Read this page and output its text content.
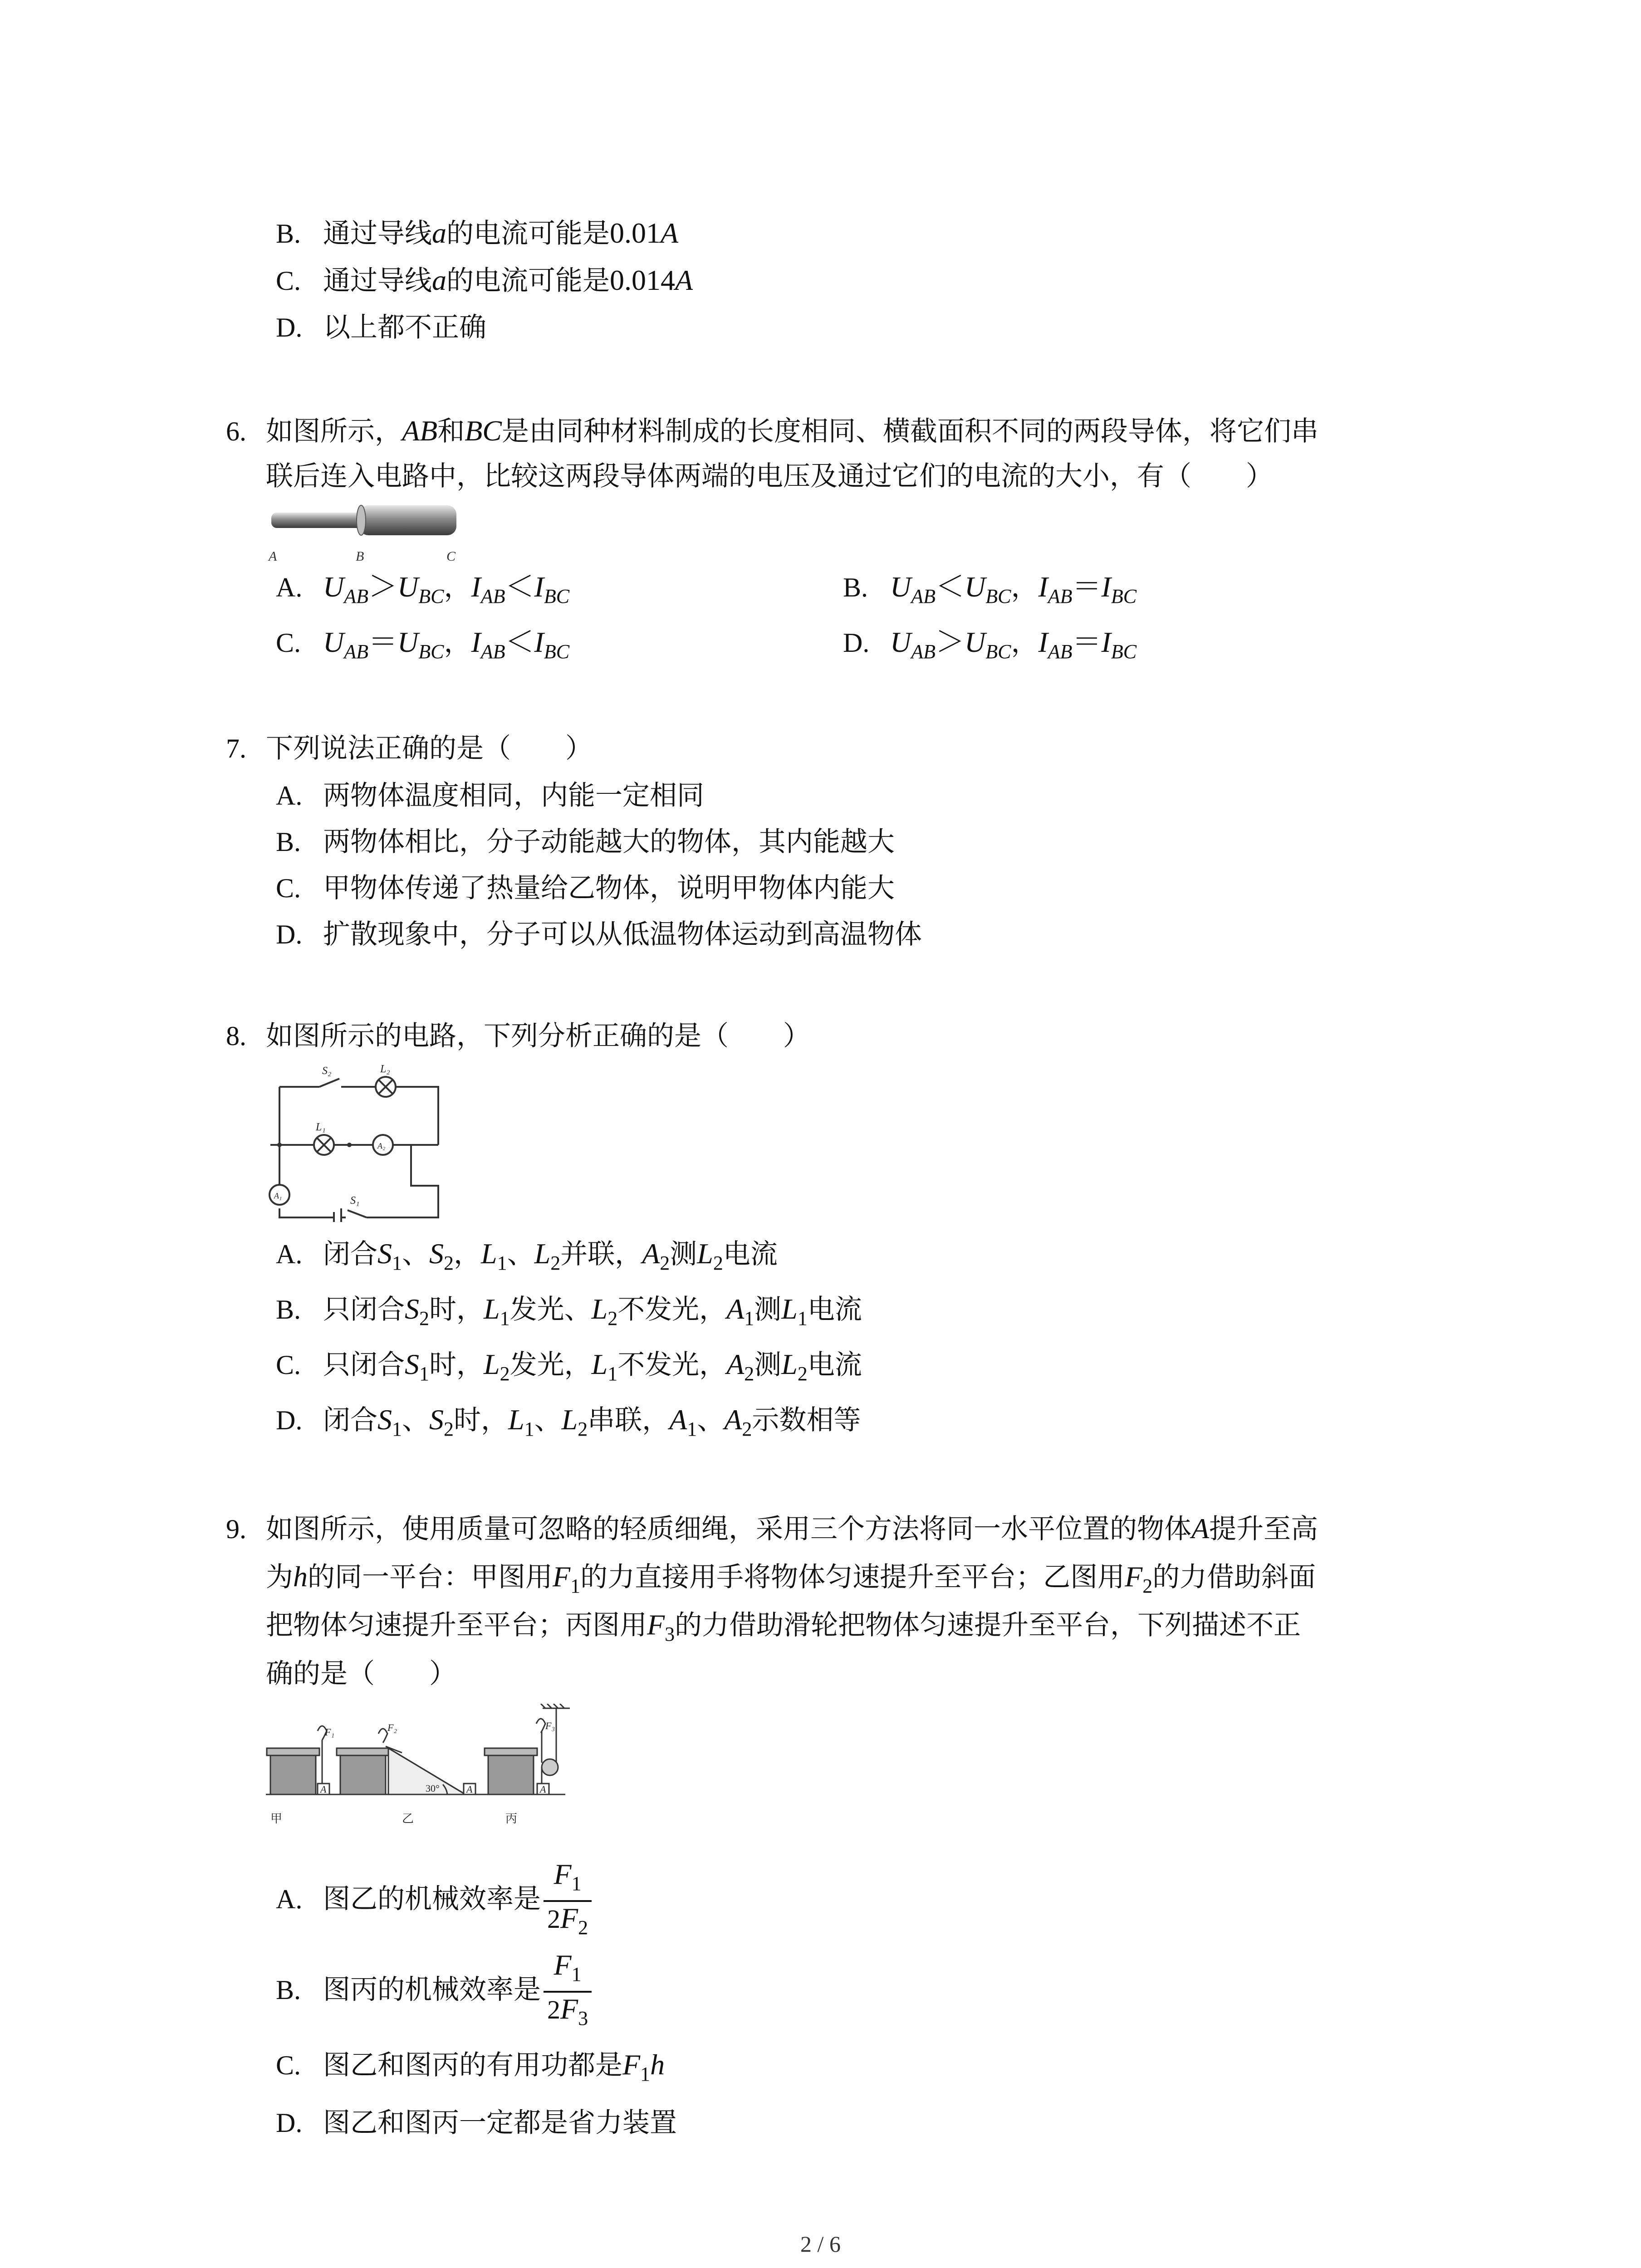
B. 通过导线a的电流可能是0.01A
C. 通过导线a的电流可能是0.014A
D. 以上都不正确
6. 如图所示，AB和BC是由同种材料制成的长度相同、横截面积不同的两段导体，将它们串
联后连入电路中，比较这两段导体两端的电压及通过它们的电流的大小，有（　　）
A	B	C
A. $U_{AB}>U_{BC}$，$I_{AB}<I_{BC}$	B. $U_{AB}<U_{BC}$，$I_{AB}=I_{BC}$
C. $U_{AB}=U_{BC}$，$I_{AB}<I_{BC}$	D. $U_{AB}>U_{BC}$，$I_{AB}=I_{BC}$
7. 下列说法正确的是（　　）
A. 两物体温度相同，内能一定相同
B. 两物体相比，分子动能越大的物体，其内能越大
C. 甲物体传递了热量给乙物体，说明甲物体内能大
D. 扩散现象中，分子可以从低温物体运动到高温物体
8. 如图所示的电路，下列分析正确的是（　　）
S₂	L₂
L₁
A₂
A₁	S₁
A. 闭合$S_1$、$S_2$，$L_1$、$L_2$并联，$A_2$测$L_2$电流
B. 只闭合$S_2$时，$L_1$发光、$L_2$不发光，$A_1$测$L_1$电流
C. 只闭合$S_1$时，$L_2$发光，$L_1$不发光，$A_2$测$L_2$电流
D. 闭合$S_1$、$S_2$时，$L_1$、$L_2$串联，$A_1$、$A_2$示数相等
9. 如图所示，使用质量可忽略的轻质细绳，采用三个方法将同一水平位置的物体A提升至高
为h的同一平台：甲图用$F_1$的力直接用手将物体匀速提升至平台；乙图用$F_2$的力借助斜面
把物体匀速提升至平台；丙图用$F_3$的力借助滑轮把物体匀速提升至平台，下列描述不正
确的是（　　）
A	A	A
F₁	F₂	F₃
30°
甲	乙	丙
A. 图乙的机械效率是 $\frac{F_1}{2F_2}$
B. 图丙的机械效率是 $\frac{F_1}{2F_3}$
C. 图乙和图丙的有用功都是$F_1h$
D. 图乙和图丙一定都是省力装置
2 / 6
